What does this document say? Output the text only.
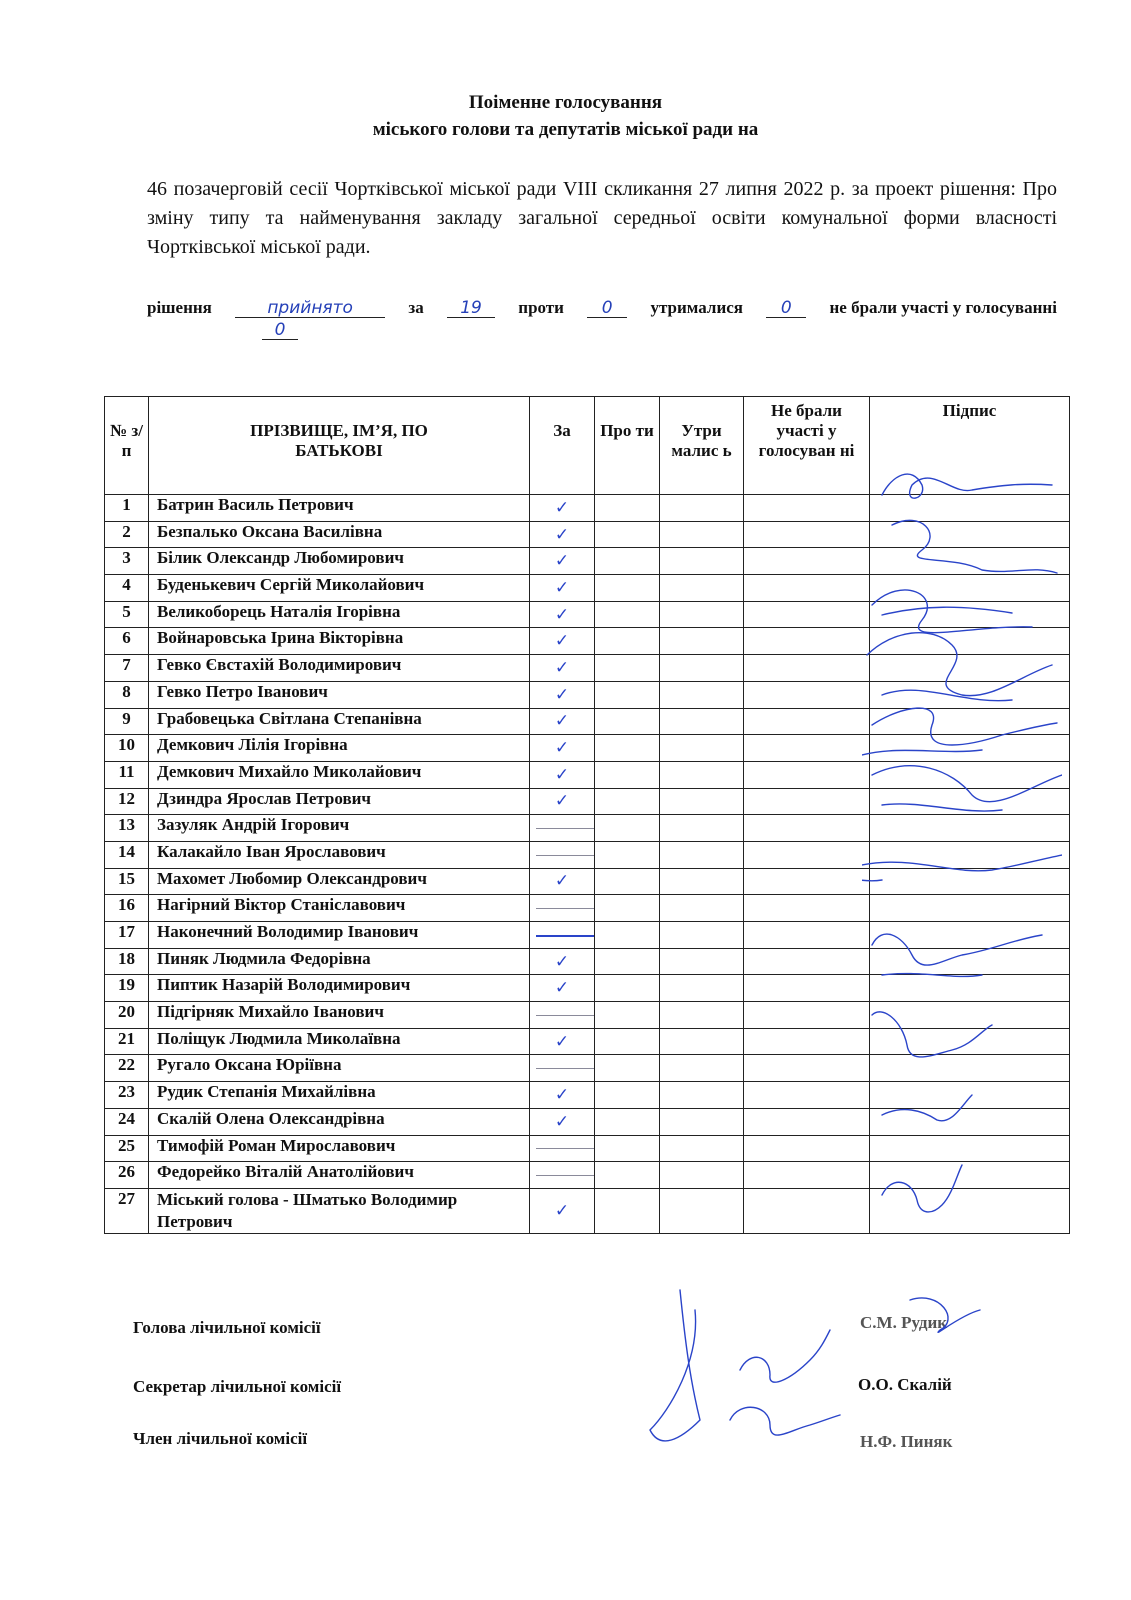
Поіменне голосування
міського голови та депутатів міської ради на
46 позачерговій сесії Чортківської міської ради VIII скликання 27 липня 2022 р. за проект рішення: Про зміну типу та найменування закладу загальної середньої освіти комунальної форми власності Чортківської міської ради.
рішення	прийнято	за	19	проти	0	утрималися	0	не брали участі у голосуванні
0
№ з/п	ПРІЗВИЩЕ, ІМ’Я, ПО БАТЬКОВІ	За	Про ти	Утри малис ь	Не брали участі у голосуван ні	Підпис
1	Батрин Василь Петрович	✓				
2	Безпалько Оксана Василівна	✓				
3	Білик Олександр Любомирович	✓				
4	Буденькевич Сергій Миколайович	✓				
5	Великоборець Наталія Ігорівна	✓				
6	Войнаровська Ірина Вікторівна	✓				
7	Гевко Євстахій Володимирович	✓				
8	Гевко Петро Іванович	✓				
9	Грабовецька Світлана Степанівна	✓				
10	Демкович Лілія Ігорівна	✓				
11	Демкович Михайло Миколайович	✓				
12	Дзиндра Ярослав Петрович	✓				
13	Зазуляк Андрій Ігорович					
14	Калакайло Іван Ярославович					
15	Махомет Любомир Олександрович	✓				
16	Нагірний Віктор Станіславович					
17	Наконечний Володимир Іванович					
18	Пиняк Людмила Федорівна	✓				
19	Пиптик Назарій Володимирович	✓				
20	Підгірняк Михайло Іванович					
21	Поліщук Людмила Миколаївна	✓				
22	Ругало Оксана Юріївна					
23	Рудик Степанія Михайлівна	✓				
24	Скалій Олена Олександрівна	✓				
25	Тимофій Роман Мирославович					
26	Федорейко Віталій Анатолійович					
27	Міський голова - Шматько Володимир Петрович	✓				
Голова лічильної комісії
Секретар лічильної комісії
Член лічильної комісії
С.М. Рудик
О.О. Скалій
Н.Ф. Пиняк
